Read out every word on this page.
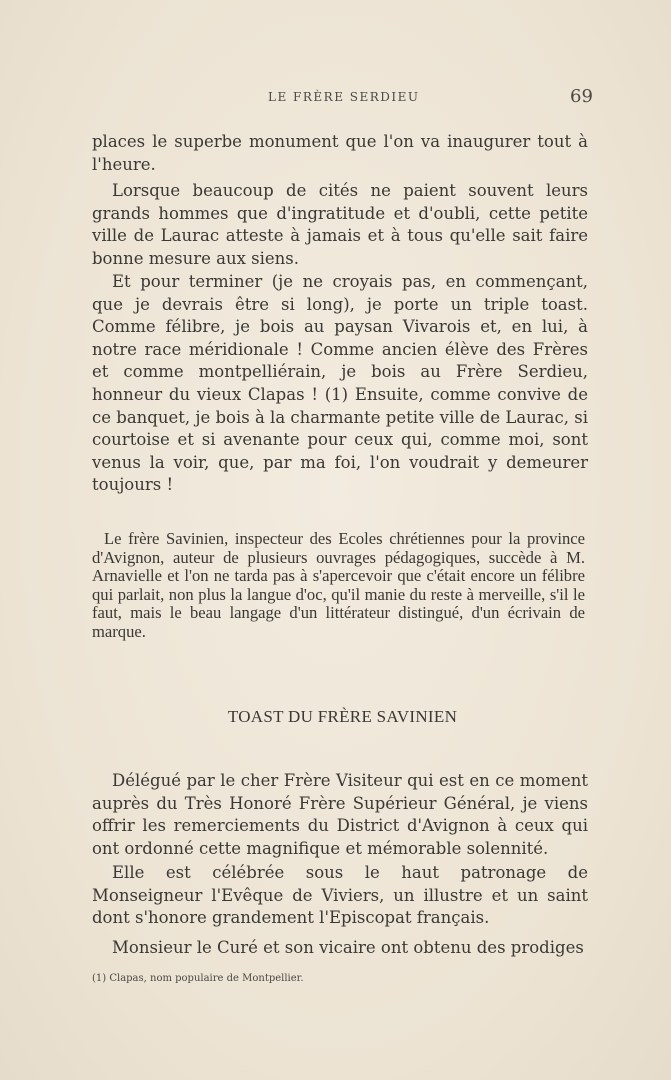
LE FRÈRE SERDIEU	69

places le superbe monument que l'on va inaugurer tout à l'heure.

Lorsque beaucoup de cités ne paient souvent leurs grands hommes que d'ingratitude et d'oubli, cette petite ville de Laurac atteste à jamais et à tous qu'elle sait faire bonne mesure aux siens.

Et pour terminer (je ne croyais pas, en commençant, que je devrais être si long), je porte un triple toast. Comme félibre, je bois au paysan Vivarois et, en lui, à notre race méridionale ! Comme ancien élève des Frères et comme montpelliérain, je bois au Frère Serdieu, honneur du vieux Clapas ! (1) Ensuite, comme convive de ce banquet, je bois à la charmante petite ville de Laurac, si courtoise et si avenante pour ceux qui, comme moi, sont venus la voir, que, par ma foi, l'on voudrait y demeurer toujours !

Le frère Savinien, inspecteur des Ecoles chrétiennes pour la province d'Avignon, auteur de plusieurs ouvrages pédagogiques, succède à M. Arnavielle et l'on ne tarda pas à s'apercevoir que c'était encore un félibre qui parlait, non plus la langue d'oc, qu'il manie du reste à merveille, s'il le faut, mais le beau langage d'un littérateur distingué, d'un écrivain de marque.

TOAST DU FRÈRE SAVINIEN

Délégué par le cher Frère Visiteur qui est en ce moment auprès du Très Honoré Frère Supérieur Général, je viens offrir les remerciements du District d'Avignon à ceux qui ont ordonné cette magnifique et mémorable solennité.

Elle est célébrée sous le haut patronage de Monseigneur l'Evêque de Viviers, un illustre et un saint dont s'honore grandement l'Episcopat français.

Monsieur le Curé et son vicaire ont obtenu des prodiges

(1) Clapas, nom populaire de Montpellier.
